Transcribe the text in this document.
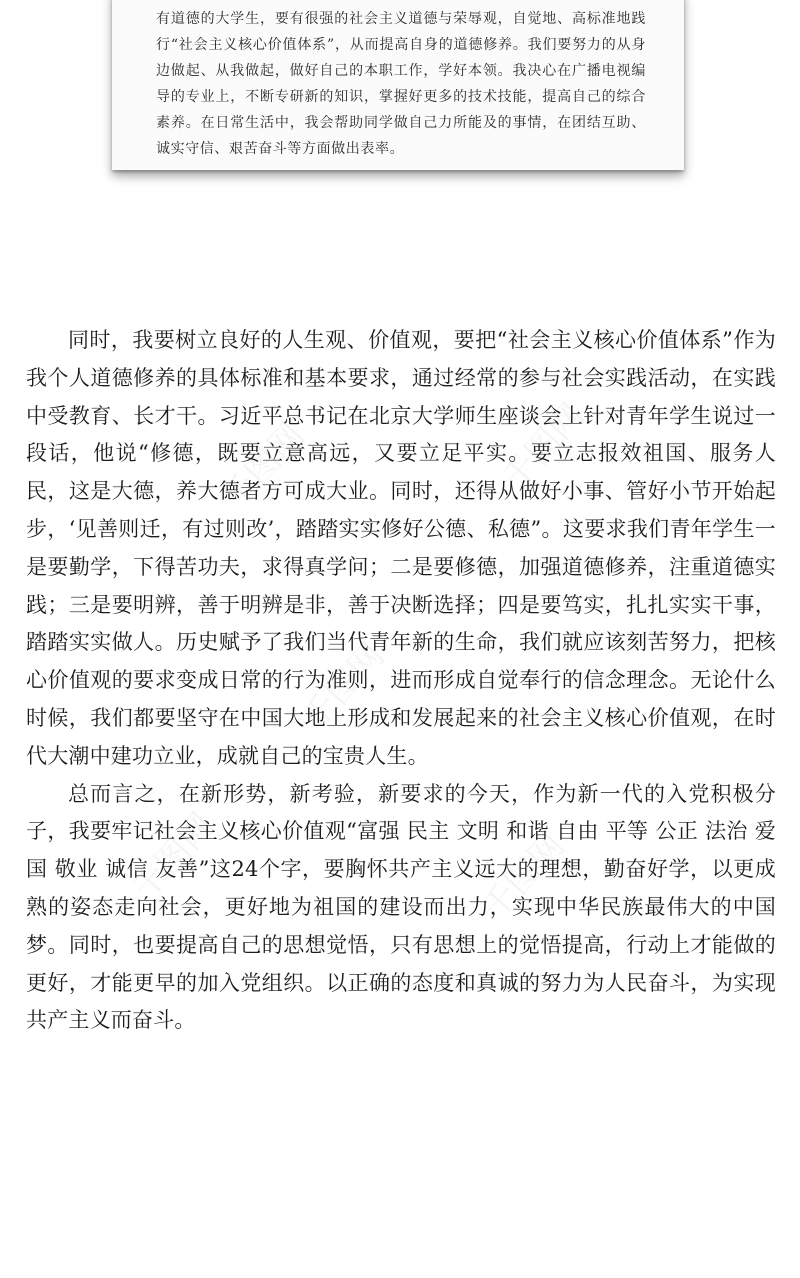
有道德的大学生，要有很强的社会主义道德与荣辱观，自觉地、高标准地践行“社会主义核心价值体系”，从而提高自身的道德修养。我们要努力的从身边做起、从我做起，做好自己的本职工作，学好本领。我决心在广播电视编导的专业上，不断专研新的知识，掌握好更多的技术技能，提高自己的综合素养。在日常生活中，我会帮助同学做自己力所能及的事情，在团结互助、诚实守信、艰苦奋斗等方面做出表率。

同时，我要树立良好的人生观、价值观，要把“社会主义核心价值体系”作为我个人道德修养的具体标准和基本要求，通过经常的参与社会实践活动，在实践中受教育、长才干。习近平总书记在北京大学师生座谈会上针对青年学生说过一段话，他说“修德，既要立意高远，又要立足平实。要立志报效祖国、服务人民，这是大德，养大德者方可成大业。同时，还得从做好小事、管好小节开始起步，‘见善则迁，有过则改’，踏踏实实修好公德、私德”。这要求我们青年学生一是要勤学，下得苦功夫，求得真学问；二是要修德，加强道德修养，注重道德实践；三是要明辨，善于明辨是非，善于决断选择；四是要笃实，扎扎实实干事，踏踏实实做人。历史赋予了我们当代青年新的生命，我们就应该刻苦努力，把核心价值观的要求变成日常的行为准则，进而形成自觉奉行的信念理念。无论什么时候，我们都要坚守在中国大地上形成和发展起来的社会主义核心价值观，在时代大潮中建功立业，成就自己的宝贵人生。

总而言之，在新形势，新考验，新要求的今天，作为新一代的入党积极分子，我要牢记社会主义核心价值观“富强 民主 文明 和谐 自由 平等 公正 法治 爱国 敬业 诚信 友善”这24个字，要胸怀共产主义远大的理想，勤奋好学，以更成熟的姿态走向社会，更好地为祖国的建设而出力，实现中华民族最伟大的中国梦。同时，也要提高自己的思想觉悟，只有思想上的觉悟提高，行动上才能做的更好，才能更早的加入党组织。以正确的态度和真诚的努力为人民奋斗，为实现共产主义而奋斗。

千图网	千图网
千图网
千图网	千图网
